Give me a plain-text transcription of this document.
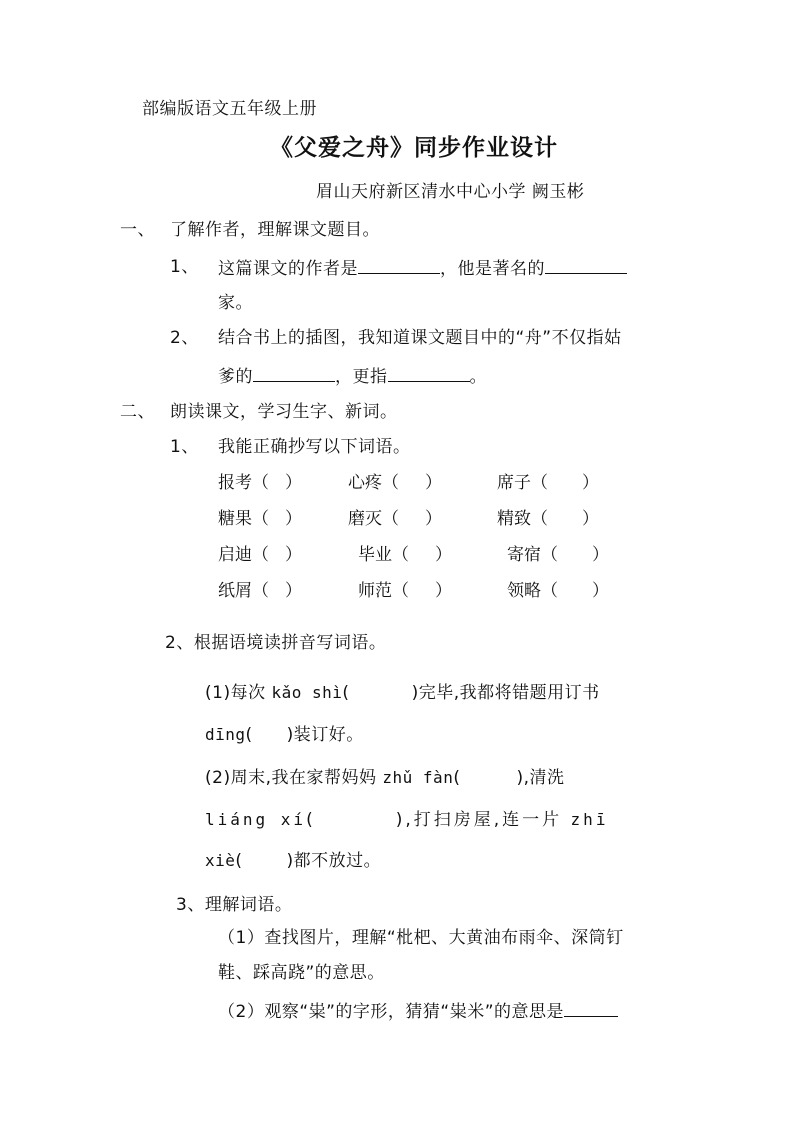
部编版语文五年级上册
《父爱之舟》同步作业设计
眉山天府新区清水中心小学 阙玉彬
一、 了解作者，理解课文题目。
1、 这篇课文的作者是	，他是著名的
家。
2、 结合书上的插图，我知道课文题目中的“舟”不仅指姑
爹的	，更指	。
二、 朗读课文，学习生字、新词。
1、 我能正确抄写以下词语。
报考（ ）	心疼（ ）	席子（ ）
糖果（ ）	磨灭（ ）	精致（ ）
启迪（ ）	毕业（ ）	寄宿（ ）
纸屑（ ）	师范（ ）	领略（ ）
2、根据语境读拼音写词语。
(1)每次 kǎo shì(	)完毕,我都将错题用订书
dīng( )装订好。
(2)周末,我在家帮妈妈 zhǔ fàn(	),清洗
liáng xí(	),打扫房屋,连一片 zhī
xiè(	)都不放过。
3、理解词语。
（1）查找图片，理解“枇杷、大黄油布雨伞、深筒钉
鞋、踩高跷”的意思。
（2）观察“粜”的字形，猜猜“粜米”的意思是
